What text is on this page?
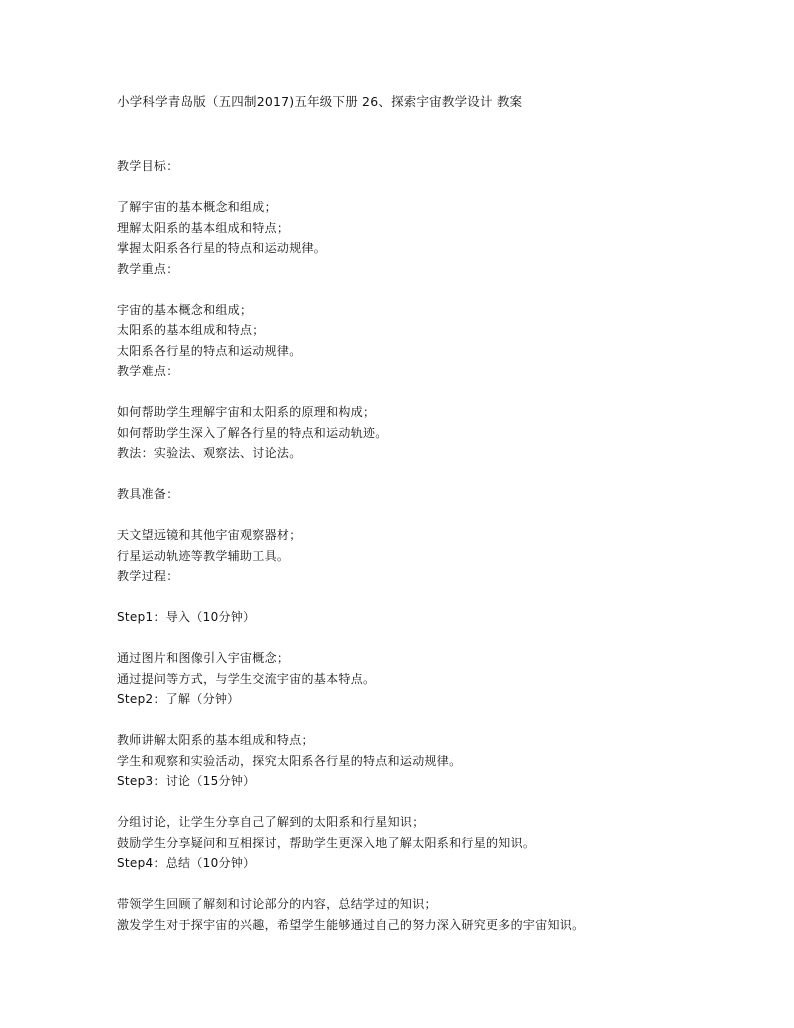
小学科学青岛版（五四制2017)五年级下册 26、探索宇宙教学设计 教案
教学目标：
了解宇宙的基本概念和组成；
理解太阳系的基本组成和特点；
掌握太阳系各行星的特点和运动规律。
教学重点：
宇宙的基本概念和组成；
太阳系的基本组成和特点；
太阳系各行星的特点和运动规律。
教学难点：
如何帮助学生理解宇宙和太阳系的原理和构成；
如何帮助学生深入了解各行星的特点和运动轨迹。
教法：实验法、观察法、讨论法。
教具准备：
天文望远镜和其他宇宙观察器材；
行星运动轨迹等教学辅助工具。
教学过程：
Step1：导入（10分钟）
通过图片和图像引入宇宙概念；
通过提问等方式，与学生交流宇宙的基本特点。
Step2：了解（分钟）
教师讲解太阳系的基本组成和特点；
学生和观察和实验活动，探究太阳系各行星的特点和运动规律。
Step3：讨论（15分钟）
分组讨论，让学生分享自己了解到的太阳系和行星知识；
鼓励学生分享疑问和互相探讨，帮助学生更深入地了解太阳系和行星的知识。
Step4：总结（10分钟）
带领学生回顾了解刻和讨论部分的内容，总结学过的知识；
激发学生对于探宇宙的兴趣，希望学生能够通过自己的努力深入研究更多的宇宙知识。
